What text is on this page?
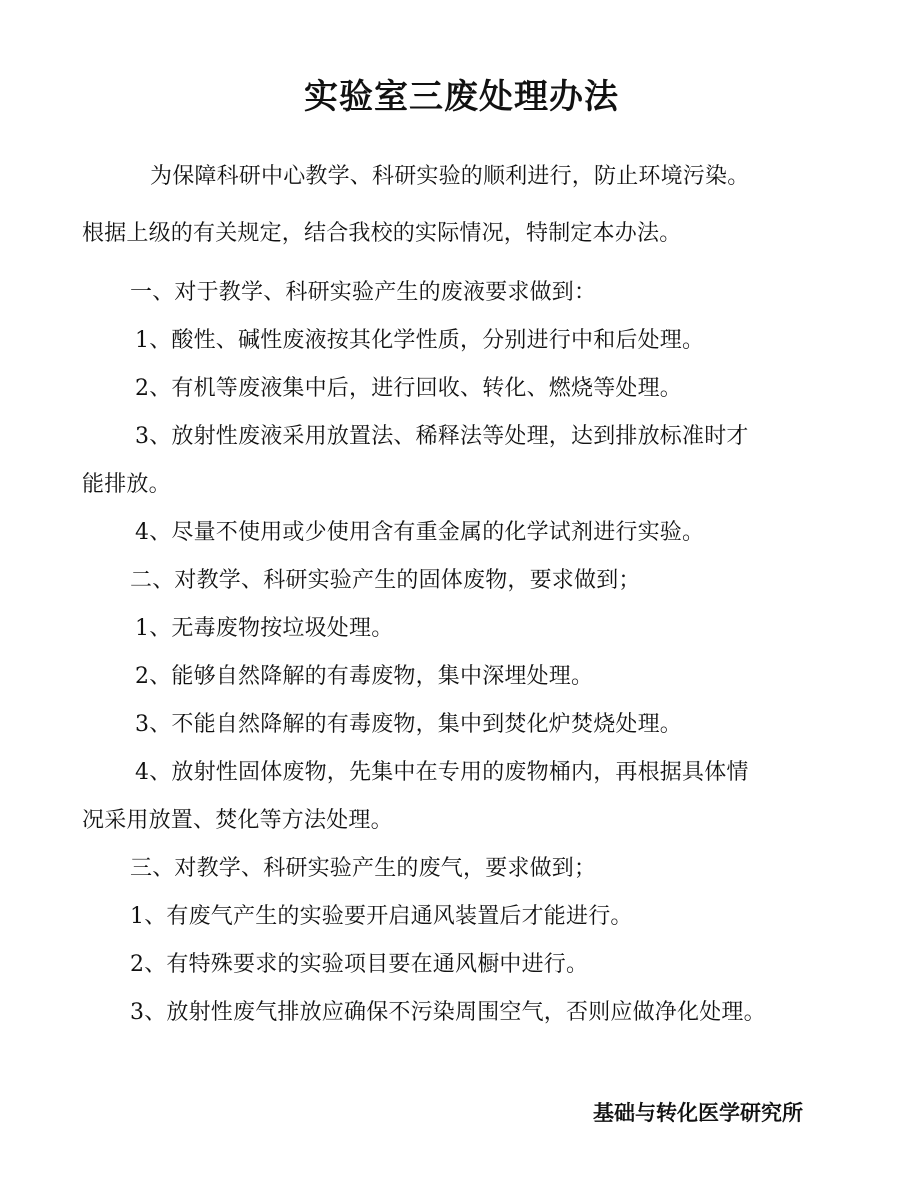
实验室三废处理办法
为保障科研中心教学、科研实验的顺利进行，防止环境污染。
根据上级的有关规定，结合我校的实际情况，特制定本办法。
一、对于教学、科研实验产生的废液要求做到：
1、酸性、碱性废液按其化学性质，分别进行中和后处理。
2、有机等废液集中后，进行回收、转化、燃烧等处理。
3、放射性废液采用放置法、稀释法等处理，达到排放标准时才
能排放。
4、尽量不使用或少使用含有重金属的化学试剂进行实验。
二、对教学、科研实验产生的固体废物，要求做到；
1、无毒废物按垃圾处理。
2、能够自然降解的有毒废物，集中深埋处理。
3、不能自然降解的有毒废物，集中到焚化炉焚烧处理。
4、放射性固体废物，先集中在专用的废物桶内，再根据具体情
况采用放置、焚化等方法处理。
三、对教学、科研实验产生的废气，要求做到；
1、有废气产生的实验要开启通风装置后才能进行。
2、有特殊要求的实验项目要在通风橱中进行。
3、放射性废气排放应确保不污染周围空气，否则应做净化处理。
基础与转化医学研究所
